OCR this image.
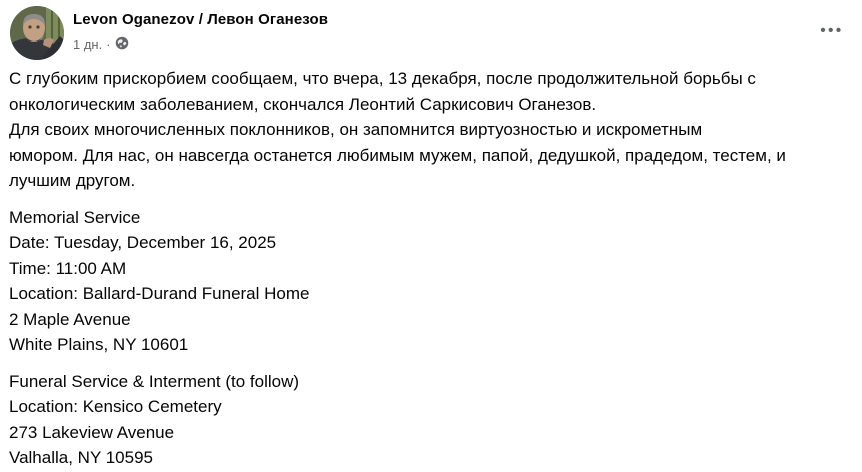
Levon Oganezov / Левон Оганезов
1 дн. ·
•••
С глубоким прискорбием сообщаем, что вчера, 13 декабря, после продолжительной борьбы с
онкологическим заболеванием, скончался Леонтий Саркисович Оганезов.
Для своих многочисленных поклонников, он запомнится виртуозностью и искрометным
юмором. Для нас, он навсегда останется любимым мужем, папой, дедушкой, прадедом, тестем, и
лучшим другом.
Memorial Service
Date: Tuesday, December 16, 2025
Time: 11:00 AM
Location: Ballard-Durand Funeral Home
2 Maple Avenue
White Plains, NY 10601
Funeral Service & Interment (to follow)
Location: Kensico Cemetery
273 Lakeview Avenue
Valhalla, NY 10595
